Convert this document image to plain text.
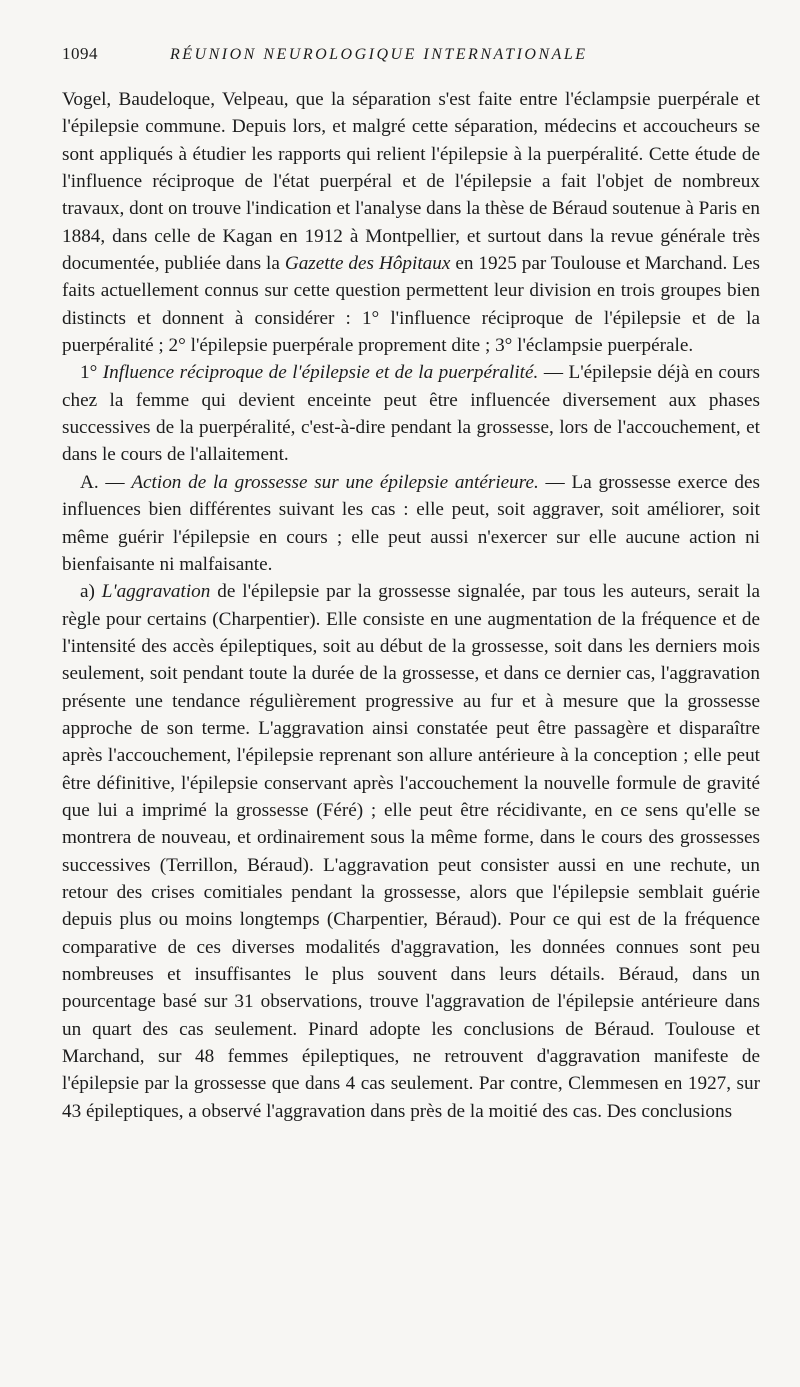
1094	RÉUNION NEUROLOGIQUE INTERNATIONALE

Vogel, Baudeloque, Velpeau, que la séparation s'est faite entre l'éclampsie puerpérale et l'épilepsie commune. Depuis lors, et malgré cette séparation, médecins et accoucheurs se sont appliqués à étudier les rapports qui relient l'épilepsie à la puerpéralité. Cette étude de l'influence réciproque de l'état puerpéral et de l'épilepsie a fait l'objet de nombreux travaux, dont on trouve l'indication et l'analyse dans la thèse de Béraud soutenue à Paris en 1884, dans celle de Kagan en 1912 à Montpellier, et surtout dans la revue générale très documentée, publiée dans la Gazette des Hôpitaux en 1925 par Toulouse et Marchand. Les faits actuellement connus sur cette question permettent leur division en trois groupes bien distincts et donnent à considérer : 1° l'influence réciproque de l'épilepsie et de la puerpéralité ; 2° l'épilepsie puerpérale proprement dite ; 3° l'éclampsie puerpérale.

1° Influence réciproque de l'épilepsie et de la puerpéralité. — L'épilepsie déjà en cours chez la femme qui devient enceinte peut être influencée diversement aux phases successives de la puerpéralité, c'est-à-dire pendant la grossesse, lors de l'accouchement, et dans le cours de l'allaitement.

A. — Action de la grossesse sur une épilepsie antérieure. — La grossesse exerce des influences bien différentes suivant les cas : elle peut, soit aggraver, soit améliorer, soit même guérir l'épilepsie en cours ; elle peut aussi n'exercer sur elle aucune action ni bienfaisante ni malfaisante.

a) L'aggravation de l'épilepsie par la grossesse signalée, par tous les auteurs, serait la règle pour certains (Charpentier). Elle consiste en une augmentation de la fréquence et de l'intensité des accès épileptiques, soit au début de la grossesse, soit dans les derniers mois seulement, soit pendant toute la durée de la grossesse, et dans ce dernier cas, l'aggravation présente une tendance régulièrement progressive au fur et à mesure que la grossesse approche de son terme. L'aggravation ainsi constatée peut être passagère et disparaître après l'accouchement, l'épilepsie reprenant son allure antérieure à la conception ; elle peut être définitive, l'épilepsie conservant après l'accouchement la nouvelle formule de gravité que lui a imprimé la grossesse (Féré) ; elle peut être récidivante, en ce sens qu'elle se montrera de nouveau, et ordinairement sous la même forme, dans le cours des grossesses successives (Terrillon, Béraud). L'aggravation peut consister aussi en une rechute, un retour des crises comitiales pendant la grossesse, alors que l'épilepsie semblait guérie depuis plus ou moins longtemps (Charpentier, Béraud). Pour ce qui est de la fréquence comparative de ces diverses modalités d'aggravation, les données connues sont peu nombreuses et insuffisantes le plus souvent dans leurs détails. Béraud, dans un pourcentage basé sur 31 observations, trouve l'aggravation de l'épilepsie antérieure dans un quart des cas seulement. Pinard adopte les conclusions de Béraud. Toulouse et Marchand, sur 48 femmes épileptiques, ne retrouvent d'aggravation manifeste de l'épilepsie par la grossesse que dans 4 cas seulement. Par contre, Clemmesen en 1927, sur 43 épileptiques, a observé l'aggravation dans près de la moitié des cas. Des conclusions
